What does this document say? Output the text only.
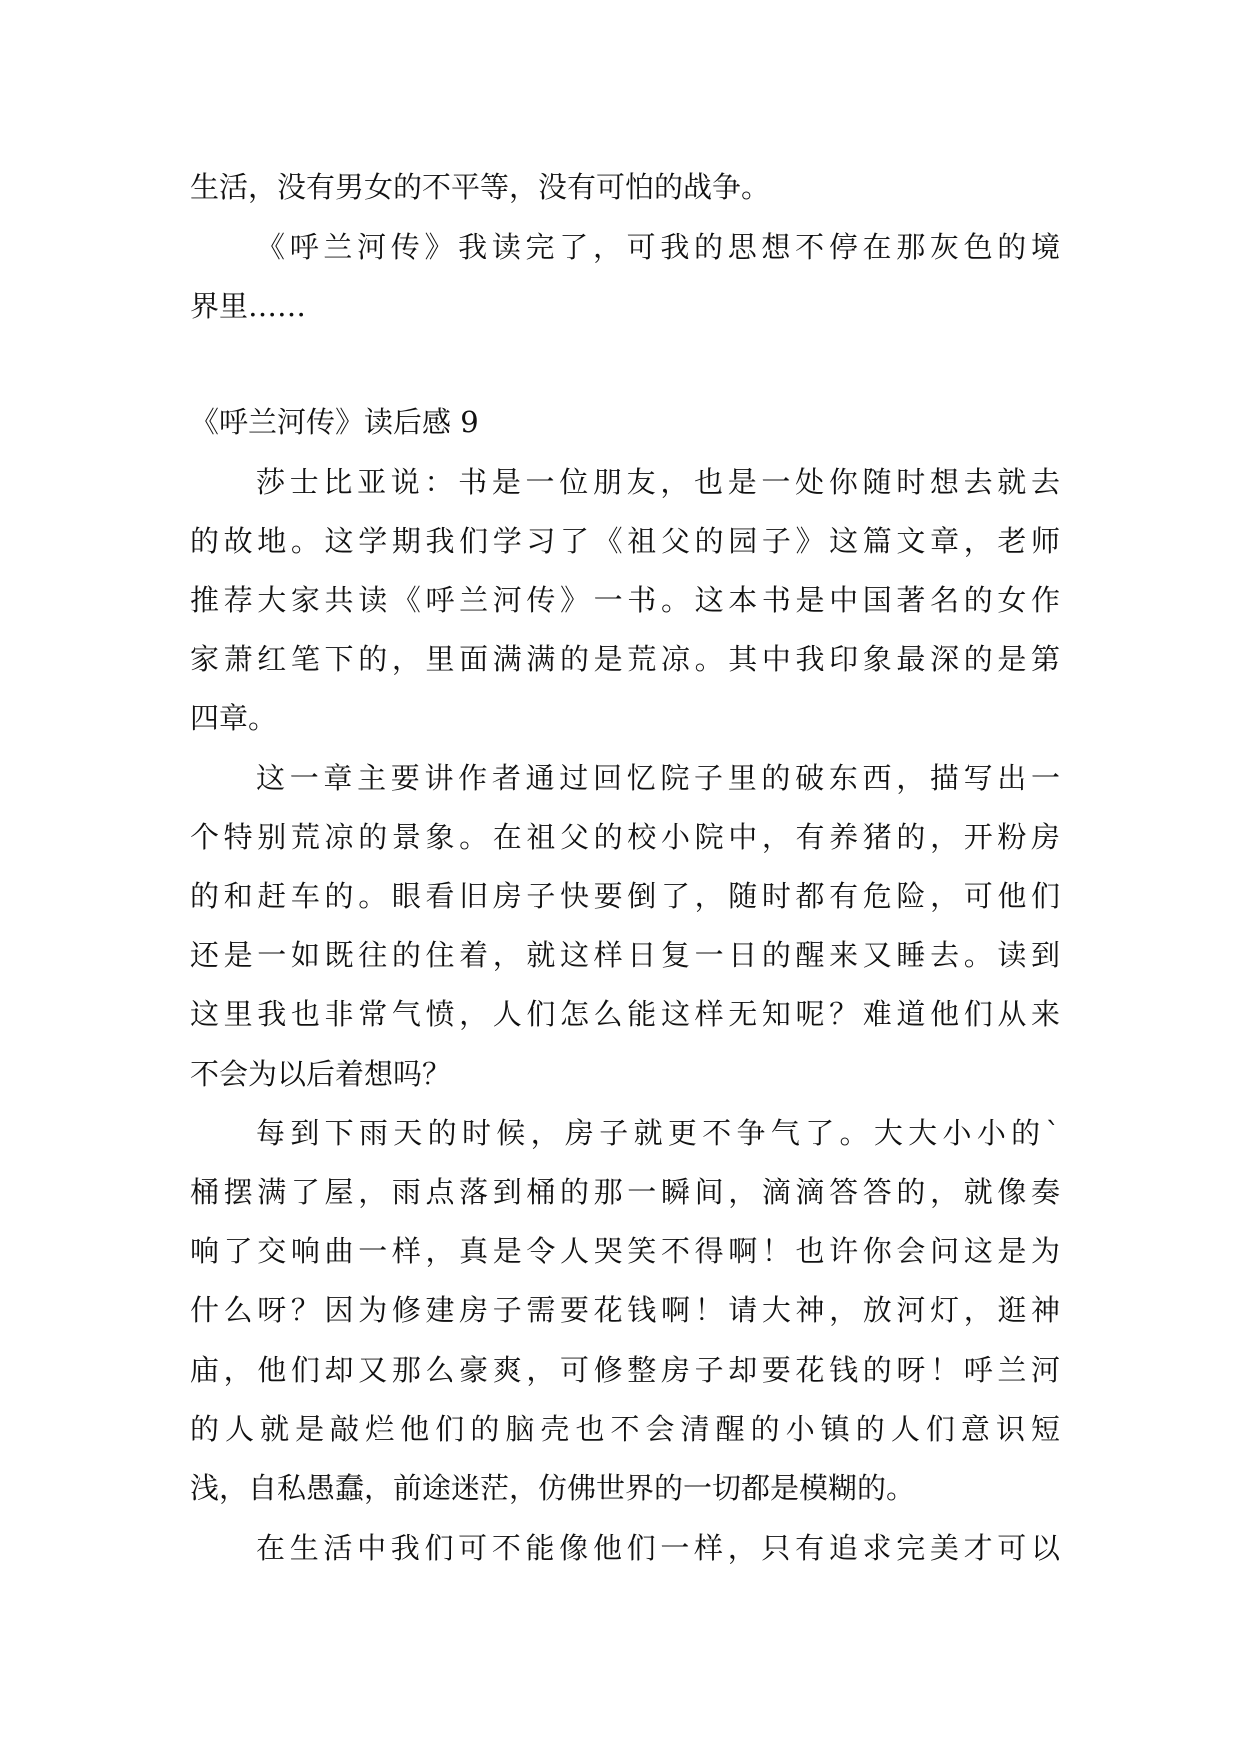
生活，没有男女的不平等，没有可怕的战争。
《呼兰河传》我读完了，可我的思想不停在那灰色的境
界里……
《呼兰河传》读后感 9
莎士比亚说：书是一位朋友，也是一处你随时想去就去
的故地。这学期我们学习了《祖父的园子》这篇文章，老师
推荐大家共读《呼兰河传》一书。这本书是中国著名的女作
家萧红笔下的，里面满满的是荒凉。其中我印象最深的是第
四章。
这一章主要讲作者通过回忆院子里的破东西，描写出一
个特别荒凉的景象。在祖父的校小院中，有养猪的，开粉房
的和赶车的。眼看旧房子快要倒了，随时都有危险，可他们
还是一如既往的住着，就这样日复一日的醒来又睡去。读到
这里我也非常气愤，人们怎么能这样无知呢？难道他们从来
不会为以后着想吗？
每到下雨天的时候，房子就更不争气了。大大小小的`
桶摆满了屋，雨点落到桶的那一瞬间，滴滴答答的，就像奏
响了交响曲一样，真是令人哭笑不得啊！也许你会问这是为
什么呀？因为修建房子需要花钱啊！请大神，放河灯，逛神
庙，他们却又那么豪爽，可修整房子却要花钱的呀！呼兰河
的人就是敲烂他们的脑壳也不会清醒的小镇的人们意识短
浅，自私愚蠢，前途迷茫，仿佛世界的一切都是模糊的。
在生活中我们可不能像他们一样，只有追求完美才可以
